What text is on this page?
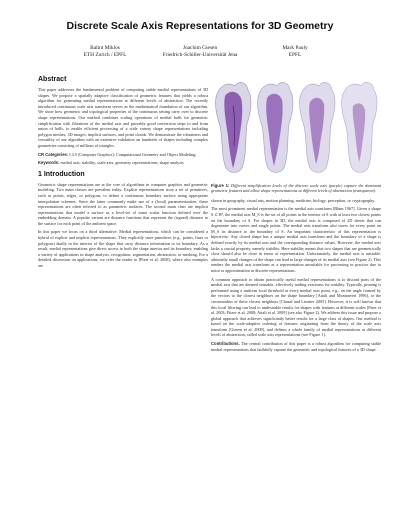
Discrete Scale Axis Representations for 3D Geometry
Balint Miklos
ETH Zurich / EPFL
Joachim Giesen
Friedrich-Schiller-Universität Jena
Mark Pauly
EPFL
Abstract

This paper addresses the fundamental problem of computing stable medial representations of 3D shapes. We propose a spatially adaptive classification of geometric features that yields a robust algorithm for generating medial representations at different levels of abstraction. The recently introduced continuous scale axis transform serves as the mathematical foundation of our algorithm. We show how geometric and topological properties of the continuous setting carry over to discrete shape representations. Our method combines scaling operations of medial balls for geometric simplification with filtrations of the medial axis and provably good conversion steps to and from union of balls, to enable efficient processing of a wide variety shape representations including polygon meshes, 3D images, implicit surfaces, and point clouds. We demonstrate the robustness and versatility of our algorithm with an extensive validation on hundreds of shapes including complex geometries consisting of millions of triangles.

CR Categories: I.3.5 [Computer Graphics]: Computational Geometry and Object Modeling;

Keywords: medial axis, stability, scale axis, geometry representations, shape analysis

1 Introduction

Geometric shape representations are at the core of algorithms in computer graphics and geometric modeling. Two main classes are prevalent today: Explicit representations store a set of primitives, such as points, edges, or polygons, to define a continuous boundary surface using appropriate interpolation schemes. Since the latter commonly make use of a (local) parameterization, these representations are often referred to as parametric surfaces. The second main class are implicit representations that model a surface as a level-set of some scalar function defined over the embedding domain. A popular variant are distance functions that represent the (signed) distance to the surface for each point of the ambient space.

In this paper we focus on a third alternative: Medial representations, which can be considered a hybrid of explicit and implicit representations. They explicitly store primitives (e.g., points, lines or polygons) dually in the interior of the shape that carry distance information to its boundary. As a result, medial representations give direct access to both the shape interior and its boundary, enabling a variety of applications in shape analysis, recognition, segmentation, abstraction, or meshing. For a detailed discussion on applications, we refer the reader to [Pizer et al. 2008], where also examples are

Figure 1: Different simplification levels of the discrete scale axis (purple) capture the dominant geometric features and allow shape representations at different levels of abstraction (transparent).

shown in geography, visual arts, motion planning, medicine, biology, perception, or cryptography.

The most prominent medial representation is the medial axis transform [Blum 1967]. Given a shape S ⊂ R³, the medial axis M_S is the set of all points in the interior of S with at least two closest points on the boundary of S. For shapes in 3D, the medial axis is composed of 2D sheets that can degenerate into curves and single points. The medial axis transform also stores for every point on M_S its distance to the boundary of S. An important characteristic of this representation is bijectivity: Any closed shape has a unique medial axis transform and the boundary of a shape is defined exactly by its medial axis and the corresponding distance values. However, the medial axis lacks a crucial property, namely stability. Here stability means that two shapes that are geometrically close should also be close in terms of representation. Unfortunately, the medial axis is unstable: arbitrarily small changes of the shape can lead to large changes of its medial axis (see Figure 2). This renders the medial axis transform as a representation unsuitable for processing in practice due to noise or approximation in discrete representations.

A common approach to obtain practically useful medial representations is to discard parts of the medial axis that are deemed unstable, effectively trading exactness for stability. Typically, pruning is performed using a uniform local threshold at every medial axis point, e.g., on the angle formed by the vectors to the closest neighbors on the shape boundary [Attali and Montanvert 1996], or the circumradius of these closest neighbors [Chazal and Lieutier 2005]. However, it is well known that this local filtering can lead to undesirable results for shapes with features at different scales [Pizer et al. 2003; Fitzer et al. 2008; Attali et al. 2009] (see also Figure 2). We address this issue and propose a global approach that achieves significantly better results for a large class of shapes. Our method is based on the scale-adaptive ordering of features originating from the theory of the scale axis transform [Giesen et al. 2009], and defines a whole family of medial representations at different levels of abstraction, called scale axis representations (see Figure 1).

Contributions. The central contribution of this paper is a robust algorithm for computing stable medial representations that faithfully capture the geometric and topological features of a 3D shape.
